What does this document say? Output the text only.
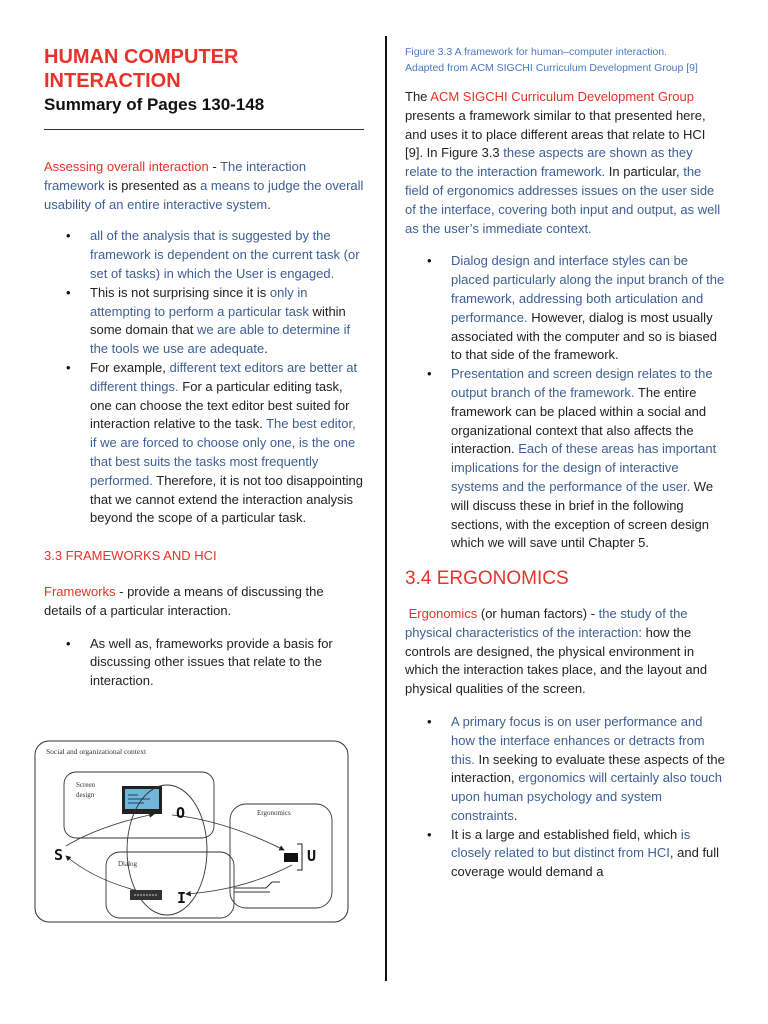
HUMAN COMPUTER INTERACTION
Summary of Pages 130-148

Assessing overall interaction - The interaction framework is presented as a means to judge the overall usability of an entire interactive system.

• all of the analysis that is suggested by the framework is dependent on the current task (or set of tasks) in which the User is engaged.
• This is not surprising since it is only in attempting to perform a particular task within some domain that we are able to determine if the tools we use are adequate.
• For example, different text editors are better at different things. For a particular editing task, one can choose the text editor best suited for interaction relative to the task. The best editor, if we are forced to choose only one, is the one that best suits the tasks most frequently performed. Therefore, it is not too disappointing that we cannot extend the interaction analysis beyond the scope of a particular task.

3.3 FRAMEWORKS AND HCI

Frameworks - provide a means of discussing the details of a particular interaction.

• As well as, frameworks provide a basis for discussing other issues that relate to the interaction.
Social and organizational context
Screen
design
Ergonomics
Dialog
O
S	U
I

Figure 3.3 A framework for human–computer interaction.

Adapted from ACM SIGCHI Curriculum Development Group [9]

The ACM SIGCHI Curriculum Development Group presents a framework similar to that presented here, and uses it to place different areas that relate to HCI [9]. In Figure 3.3 these aspects are shown as they relate to the interaction framework. In particular, the field of ergonomics addresses issues on the user side of the interface, covering both input and output, as well as the user’s immediate context.

• Dialog design and interface styles can be placed particularly along the input branch of the framework, addressing both articulation and performance. However, dialog is most usually associated with the computer and so is biased to that side of the framework.
• Presentation and screen design relates to the output branch of the framework. The entire framework can be placed within a social and organizational context that also affects the interaction. Each of these areas has important implications for the design of interactive systems and the performance of the user. We will discuss these in brief in the following sections, with the exception of screen design which we will save until Chapter 5.

3.4 ERGONOMICS

Ergonomics (or human factors) - the study of the physical characteristics of the interaction: how the controls are designed, the physical environment in which the interaction takes place, and the layout and physical qualities of the screen.

• A primary focus is on user performance and how the interface enhances or detracts from this. In seeking to evaluate these aspects of the interaction, ergonomics will certainly also touch upon human psychology and system constraints.
• It is a large and established field, which is closely related to but distinct from HCI, and full coverage would demand a
